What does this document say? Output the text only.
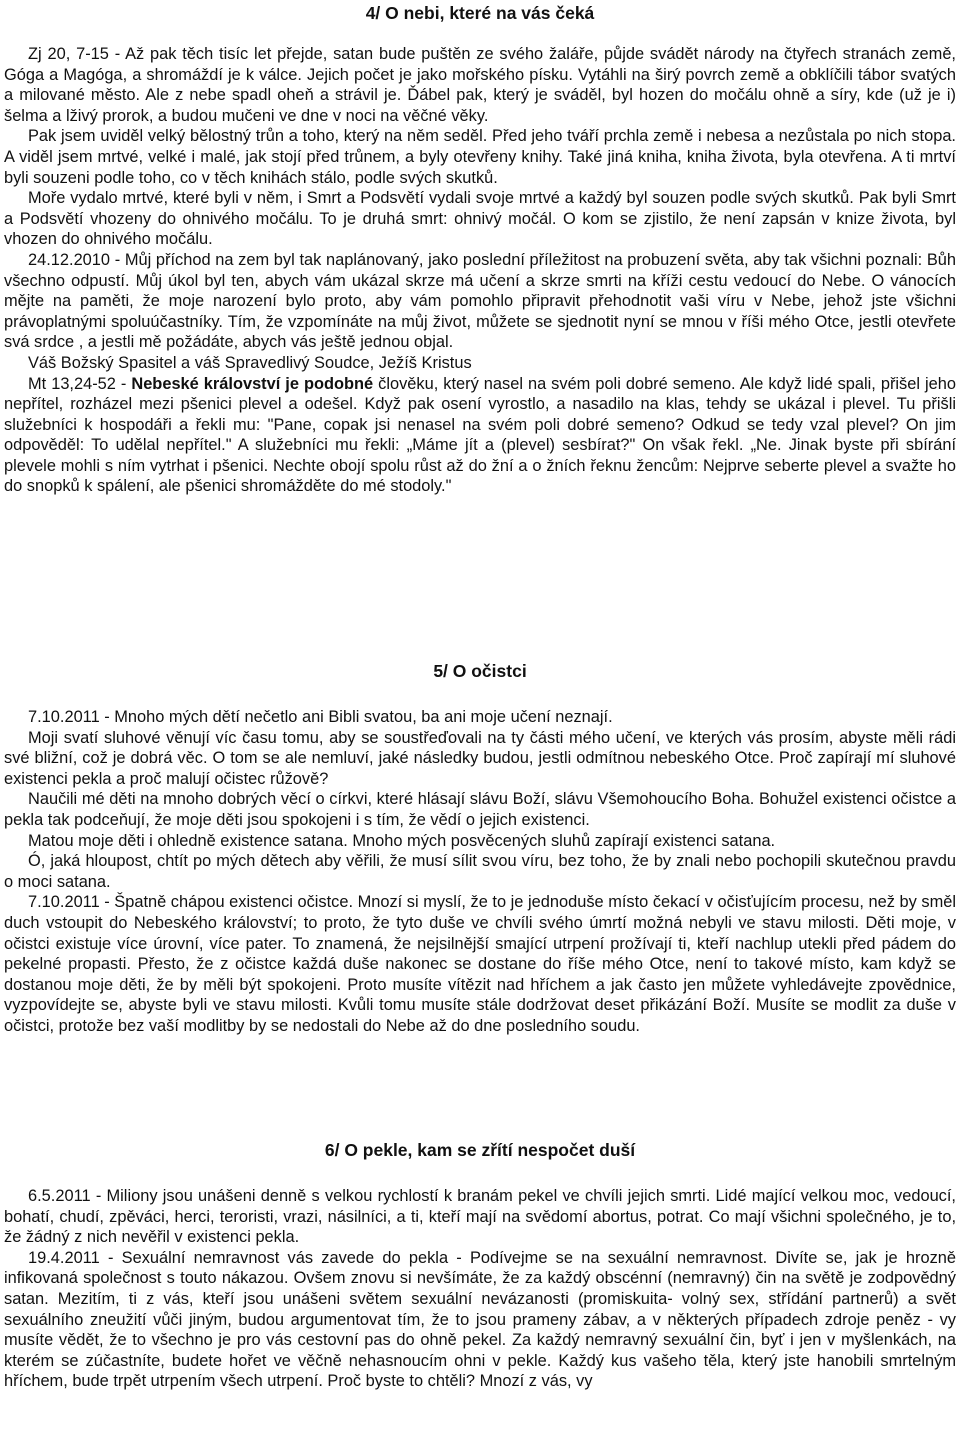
4/ O nebi, které na vás čeká

Zj 20, 7-15 - Až pak těch tisíc let přejde, satan bude puštěn ze svého žaláře, půjde svádět národy na čtyřech stranách země, Góga a Magóga, a shromáždí je k válce. Jejich počet je jako mořského písku. Vytáhli na širý povrch země a obklíčili tábor svatých a milované město. Ale z nebe spadl oheň a strávil je. Ďábel pak, který je sváděl, byl hozen do močálu ohně a síry, kde (už je i) šelma a lživý prorok, a budou mučeni ve dne v noci na věčné věky.

Pak jsem uviděl velký bělostný trůn a toho, který na něm seděl. Před jeho tváří prchla země i nebesa a nezůstala po nich stopa. A viděl jsem mrtvé, velké i malé, jak stojí před trůnem, a byly otevřeny knihy. Také jiná kniha, kniha života, byla otevřena. A ti mrtví byli souzeni podle toho, co v těch knihách stálo, podle svých skutků.

Moře vydalo mrtvé, které byli v něm, i Smrt a Podsvětí vydali svoje mrtvé a každý byl souzen podle svých skutků. Pak byli Smrt a Podsvětí vhozeny do ohnivého močálu. To je druhá smrt: ohnivý močál. O kom se zjistilo, že není zapsán v knize života, byl vhozen do ohnivého močálu.

24.12.2010 - Můj příchod na zem byl tak naplánovaný, jako poslední příležitost na probuzení světa, aby tak všichni poznali: Bůh všechno odpustí. Můj úkol byl ten, abych vám ukázal skrze má učení a skrze smrti na kříži cestu vedoucí do Nebe. O vánocích mějte na paměti, že moje narození bylo proto, aby vám pomohlo připravit přehodnotit vaši víru v Nebe, jehož jste všichni právoplatnými spoluúčastníky. Tím, že vzpomínáte na můj život, můžete se sjednotit nyní se mnou v říši mého Otce, jestli otevřete svá srdce , a jestli mě požádáte, abych vás ještě jednou objal.

Váš Božský Spasitel a váš Spravedlivý Soudce, Ježíš Kristus

Mt 13,24-52 - Nebeské království je podobné člověku, který nasel na svém poli dobré semeno. Ale když lidé spali, přišel jeho nepřítel, rozházel mezi pšenici plevel a odešel. Když pak osení vyrostlo, a nasadilo na klas, tehdy se ukázal i plevel. Tu přišli služebníci k hospodáři a řekli mu: "Pane, copak jsi nenasel na svém poli dobré semeno? Odkud se tedy vzal plevel? On jim odpověděl: To udělal nepřítel." A služebníci mu řekli: „Máme jít a (plevel) sesbírat?" On však řekl. „Ne. Jinak byste při sbírání plevele mohli s ním vytrhat i pšenici. Nechte obojí spolu růst až do žní a o žních řeknu žencům: Nejprve seberte plevel a svažte ho do snopků k spálení, ale pšenici shromážděte do mé stodoly."

5/ O očistci

7.10.2011 - Mnoho mých dětí nečetlo ani Bibli svatou, ba ani moje učení neznají.

Moji svatí sluhové věnují víc času tomu, aby se soustřeďovali na ty části mého učení, ve kterých vás prosím, abyste měli rádi své bližní, což je dobrá věc. O tom se ale nemluví, jaké následky budou, jestli odmítnou nebeského Otce. Proč zapírají mí sluhové existenci pekla a proč malují očistec růžově?

Naučili mé děti na mnoho dobrých věcí o církvi, které hlásají slávu Boží, slávu Všemohoucího Boha. Bohužel existenci očistce a pekla tak podceňují, že moje děti jsou spokojeni i s tím, že vědí o jejich existenci.

Matou moje děti i ohledně existence satana. Mnoho mých posvěcených sluhů zapírají existenci satana.

Ó, jaká hloupost, chtít po mých dětech aby věřili, že musí sílit svou víru, bez toho, že by znali nebo pochopili skutečnou pravdu o moci satana.

7.10.2011 - Špatně chápou existenci očistce. Mnozí si myslí, že to je jednoduše místo čekací v očisťujícím procesu, než by směl duch vstoupit do Nebeského království; to proto, že tyto duše ve chvíli svého úmrtí možná nebyli ve stavu milosti. Děti moje, v očistci existuje více úrovní, více pater. To znamená, že nejsilnější smající utrpení prožívají ti, kteří nachlup utekli před pádem do pekelné propasti. Přesto, že z očistce každá duše nakonec se dostane do říše mého Otce, není to takové místo, kam když se dostanou moje děti, že by měli být spokojeni. Proto musíte vítězit nad hříchem a jak často jen můžete vyhledávejte zpovědnice, vyzpovídejte se, abyste byli ve stavu milosti. Kvůli tomu musíte stále dodržovat deset přikázání Boží. Musíte se modlit za duše v očistci, protože bez vaší modlitby by se nedostali do Nebe až do dne posledního soudu.

6/ O pekle, kam se zřítí nespočet duší

6.5.2011 - Miliony jsou unášeni denně s velkou rychlostí k branám pekel ve chvíli jejich smrti. Lidé mající velkou moc, vedoucí, bohatí, chudí, zpěváci, herci, teroristi, vrazi, násilníci, a ti, kteří mají na svědomí abortus, potrat. Co mají všichni společného, je to, že žádný z nich nevěřil v existenci pekla.

19.4.2011 - Sexuální nemravnost vás zavede do pekla - Podívejme se na sexuální nemravnost. Divíte se, jak je hrozně infikovaná společnost s touto nákazou. Ovšem znovu si nevšímáte, že za každý obscénní (nemravný) čin na světě je zodpovědný satan. Mezitím, ti z vás, kteří jsou unášeni světem sexuální nevázanosti (promiskuita- volný sex, střídání partnerů) a svět sexuálního zneužití vůči jiným, budou argumentovat tím, že to jsou prameny zábav, a v některých případech zdroje peněz - vy musíte vědět, že to všechno je pro vás cestovní pas do ohně pekel. Za každý nemravný sexuální čin, byť i jen v myšlenkách, na kterém se zúčastníte, budete hořet ve věčně nehasnoucím ohni v pekle. Každý kus vašeho těla, který jste hanobili smrtelným hříchem, bude trpět utrpením všech utrpení. Proč byste to chtěli? Mnozí z vás, vy
